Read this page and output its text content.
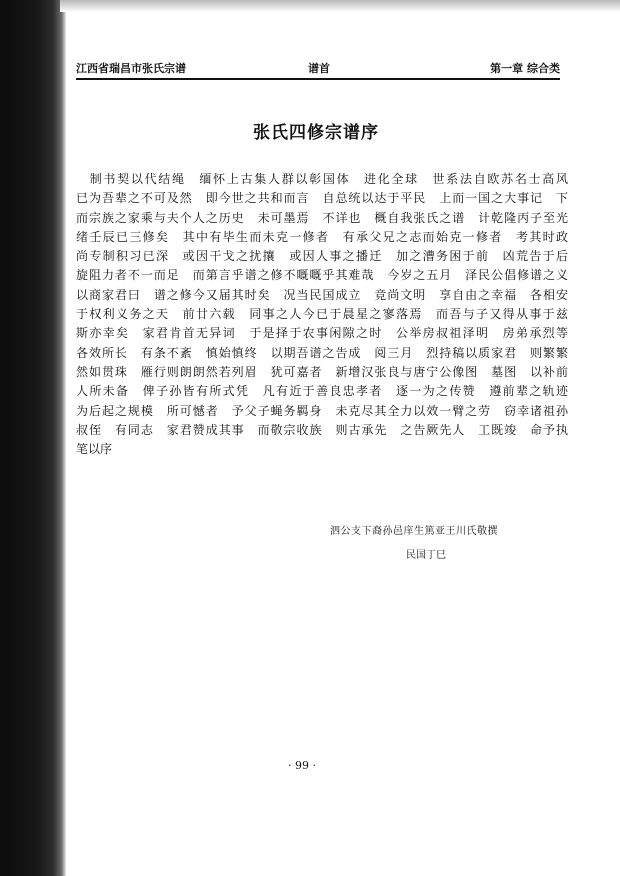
江西省瑞昌市张氏宗谱	谱首	第一章 综合类
张氏四修宗谱序
　制书契以代结绳　缅怀上古集人群以彰国体　进化全球　世系法自欧苏名士高风
已为吾辈之不可及然　即今世之共和而言　自总统以达于平民　上而一国之大事记　下
而宗族之家乘与夫个人之历史　未可墨焉　不详也　概自我张氏之谱　计乾隆丙子至光
绪壬辰已三修矣　其中有毕生而未克一修者　有承父兄之志而始克一修者　考其时政
尚专制积习已深　或因干戈之扰攘　或因人事之播迁　加之漕务困于前　凶荒告于后
旋阻力者不一而足　而第言乎谱之修不嘅嘅乎其难哉　今岁之五月　泽民公倡修谱之义
以商家君曰　谱之修今又届其时矣　况当民国成立　竞尚文明　享自由之幸福　各相安
于权利义务之天　前廿六载　同事之人今已于晨星之寥落焉　而吾与子又得从事于兹
斯亦幸矣　家君肯首无异词　于是择于农事闲隙之时　公举房叔祖泽明　房弟承烈等
各效所长　有条不紊　慎始慎终　以期吾谱之告成　阅三月　烈持稿以质家君　则繁繁
然如贯珠　雁行则朗朗然若列眉　犹可嘉者　新增汉张良与唐宁公像图　墓图　以补前
人所未备　俾子孙皆有所式凭　凡有近于善良忠孝者　逐一为之传赞　遵前辈之轨迹
为后起之规模　所可憾者　予父子蝇务羁身　未克尽其全力以效一臂之劳　窃幸诸祖孙
叔侄　有同志　家君赞成其事　而敬宗收族　则古承先　之告厥先人　工既竣　命予执
笔以序
泗公支下裔孙邑庠生篤亚王川氏敬撰
民国丁巳
· 99 ·
